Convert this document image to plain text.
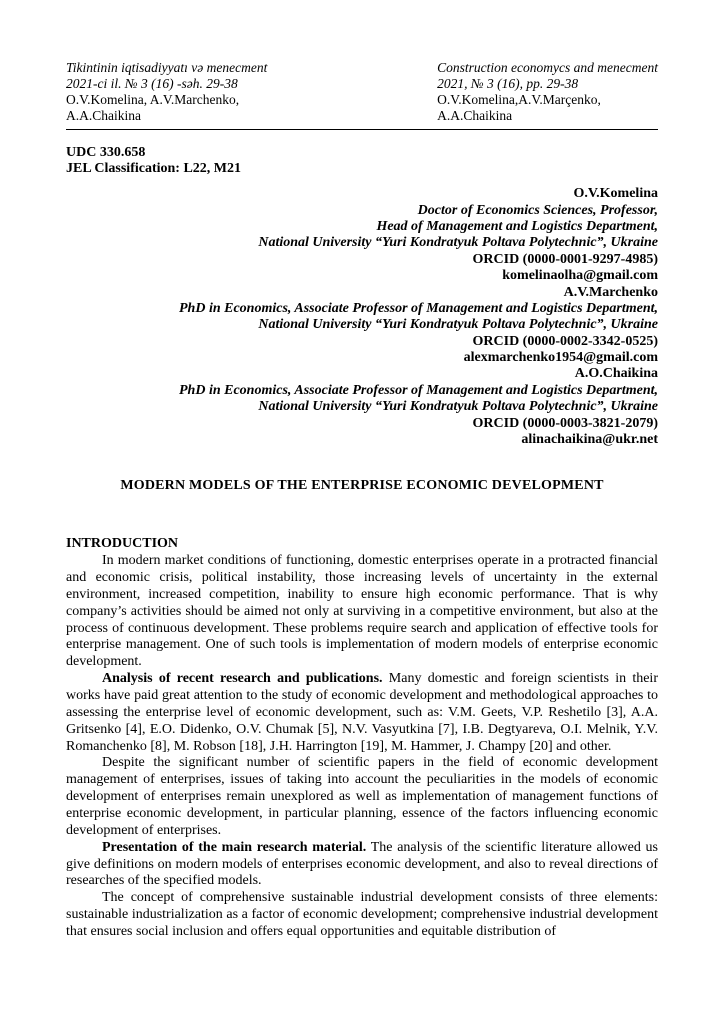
Tikintinin iqtisadiyyatı və menecment
2021-ci il. № 3 (16) -səh. 29-38
O.V.Komelina, A.V.Marchenko,
A.A.Chaikina
Construction economycs and menecment
2021, № 3 (16), pp. 29-38
O.V.Komelina,A.V.Marçenko,
A.A.Chaikina
UDC 330.658
JEL Classification: L22, M21
O.V.Komelina
Doctor of Economics Sciences, Professor,
Head of Management and Logistics Department,
National University “Yuri Kondratyuk Poltava Polytechnic”, Ukraine
ORCID (0000-0001-9297-4985)
komelinaolha@gmail.com
A.V.Marchenko
PhD in Economics, Associate Professor of Management and Logistics Department,
National University “Yuri Kondratyuk Poltava Polytechnic”, Ukraine
ORCID (0000-0002-3342-0525)
alexmarchenko1954@gmail.com
A.O.Chaikina
PhD in Economics, Associate Professor of Management and Logistics Department,
National University “Yuri Kondratyuk Poltava Polytechnic”, Ukraine
ORCID (0000-0003-3821-2079)
alinachaikina@ukr.net
MODERN MODELS OF THE ENTERPRISE ECONOMIC DEVELOPMENT
INTRODUCTION

In modern market conditions of functioning, domestic enterprises operate in a protracted financial and economic crisis, political instability, those increasing levels of uncertainty in the external environment, increased competition, inability to ensure high economic performance. That is why company’s activities should be aimed not only at surviving in a competitive environment, but also at the process of continuous development. These problems require search and application of effective tools for enterprise management. One of such tools is implementation of modern models of enterprise economic development.

Analysis of recent research and publications. Many domestic and foreign scientists in their works have paid great attention to the study of economic development and methodological approaches to assessing the enterprise level of economic development, such as: V.M. Geets, V.P. Reshetilo [3], A.A. Gritsenko [4], E.O. Didenko, O.V. Chumak [5], N.V. Vasyutkina [7], I.B. Degtyareva, O.I. Melnik, Y.V. Romanchenko [8], M. Robson [18], J.H. Harrington [19], M. Hammer, J. Champy [20] and other.

Despite the significant number of scientific papers in the field of economic development management of enterprises, issues of taking into account the peculiarities in the models of economic development of enterprises remain unexplored as well as implementation of management functions of enterprise economic development, in particular planning, essence of the factors influencing economic development of enterprises.

Presentation of the main research material. The analysis of the scientific literature allowed us give definitions on modern models of enterprises economic development, and also to reveal directions of researches of the specified models.

The concept of comprehensive sustainable industrial development consists of three elements: sustainable industrialization as a factor of economic development; comprehensive industrial development that ensures social inclusion and offers equal opportunities and equitable distribution of
